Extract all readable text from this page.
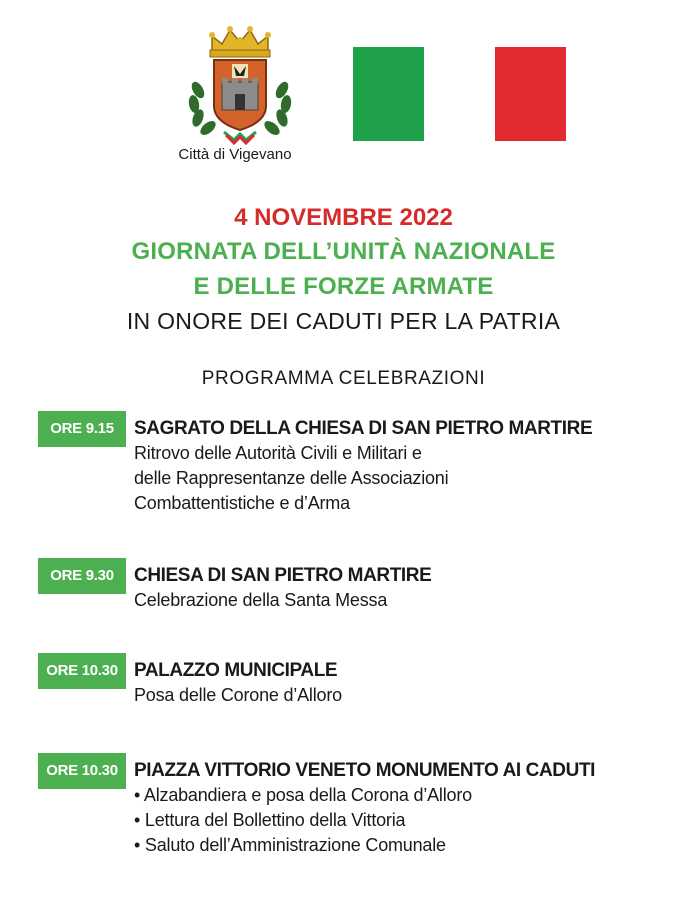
Città di Vigevano
4 NOVEMBRE 2022
GIORNATA DELL’UNITÀ NAZIONALE
E DELLE FORZE ARMATE
IN ONORE DEI CADUTI PER LA PATRIA
PROGRAMMA CELEBRAZIONI
ORE 9.15	SAGRATO DELLA CHIESA DI SAN PIETRO MARTIRE
Ritrovo delle Autorità Civili e Militari e
delle Rappresentanze delle Associazioni
Combattentistiche e d’Arma
ORE 9.30	CHIESA DI SAN PIETRO MARTIRE
Celebrazione della Santa Messa
ORE 10.30 PALAZZO MUNICIPALE
Posa delle Corone d’Alloro
ORE 10.30 PIAZZA VITTORIO VENETO MONUMENTO AI CADUTI
• Alzabandiera e posa della Corona d’Alloro
• Lettura del Bollettino della Vittoria
• Saluto dell’Amministrazione Comunale
